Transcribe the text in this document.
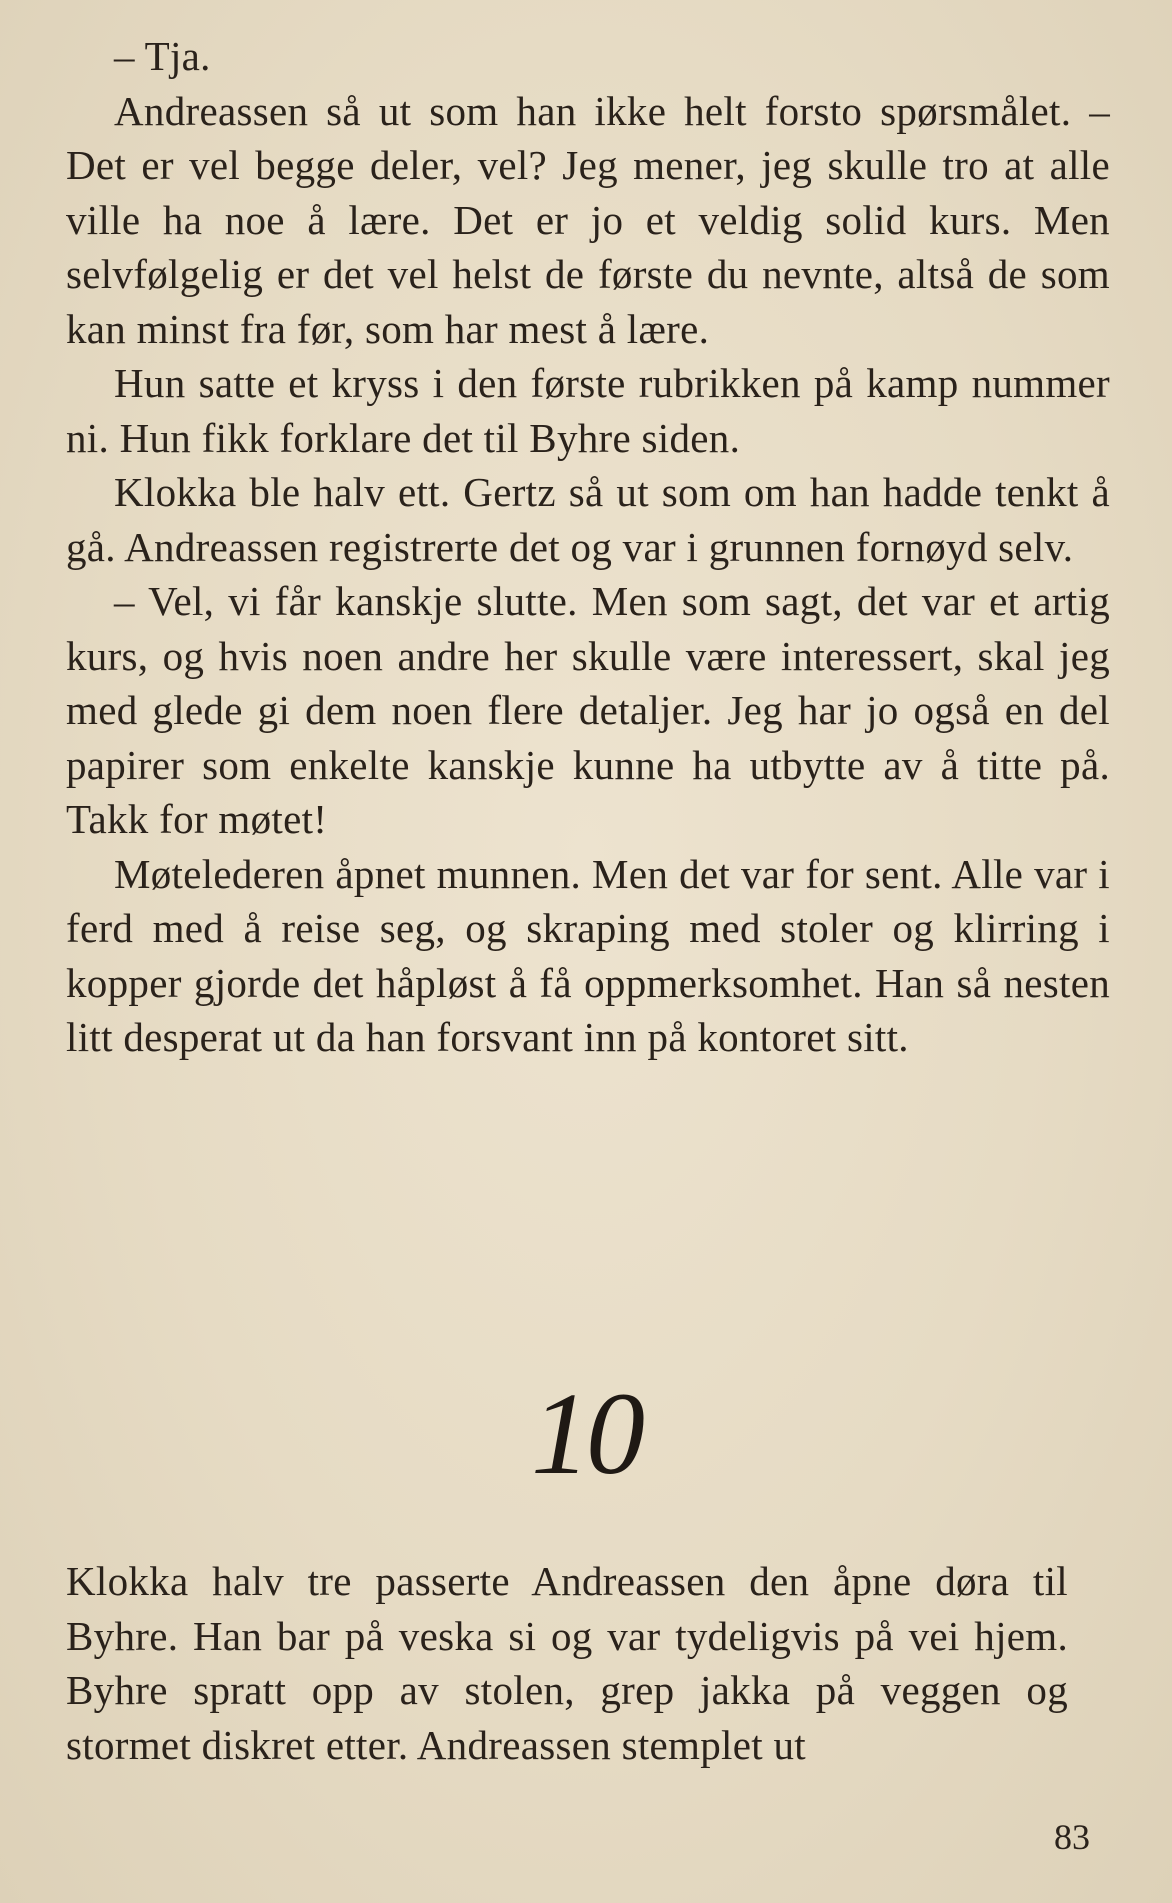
– Tja.

Andreassen så ut som han ikke helt forsto spørsmålet. – Det er vel begge deler, vel? Jeg mener, jeg skulle tro at alle ville ha noe å lære. Det er jo et veldig solid kurs. Men selvfølgelig er det vel helst de første du nevnte, altså de som kan minst fra før, som har mest å lære.

Hun satte et kryss i den første rubrikken på kamp nummer ni. Hun fikk forklare det til Byhre siden.

Klokka ble halv ett. Gertz så ut som om han hadde tenkt å gå. Andreassen registrerte det og var i grunnen fornøyd selv.

– Vel, vi får kanskje slutte. Men som sagt, det var et artig kurs, og hvis noen andre her skulle være interessert, skal jeg med glede gi dem noen flere detaljer. Jeg har jo også en del papirer som enkelte kanskje kunne ha utbytte av å titte på. Takk for møtet!

Møtelederen åpnet munnen. Men det var for sent. Alle var i ferd med å reise seg, og skraping med stoler og klirring i kopper gjorde det håpløst å få oppmerksomhet. Han så nesten litt desperat ut da han forsvant inn på kontoret sitt.

10

Klokka halv tre passerte Andreassen den åpne døra til Byhre. Han bar på veska si og var tydeligvis på vei hjem. Byhre spratt opp av stolen, grep jakka på veggen og stormet diskret etter. Andreassen stemplet ut

83
